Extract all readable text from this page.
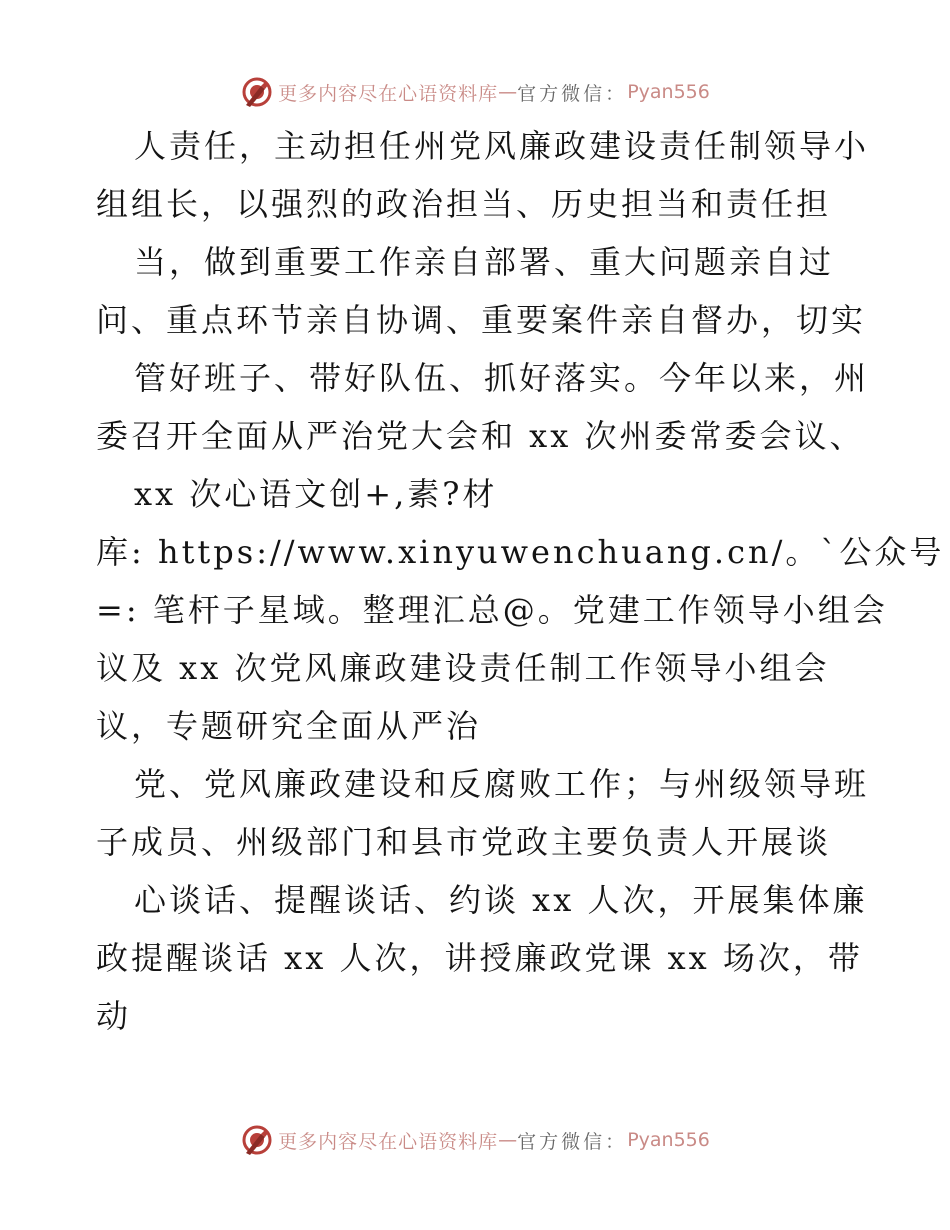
更多内容尽在心语资料库 — 官方微信： Pyan556
人责任，主动担任州党风廉政建设责任制领导小
组组长，以强烈的政治担当、历史担当和责任担
当，做到重要工作亲自部署、重大问题亲自过
问、重点环节亲自协调、重要案件亲自督办，切实
管好班子、带好队伍、抓好落实。今年以来，州
委召开全面从严治党大会和 xx 次州委常委会议、
xx 次心语文创+,素?材
库: https://www.xinyuwenchuang.cn/。`公众号
=: 笔杆子星域。整理汇总@。党建工作领导小组会
议及 xx 次党风廉政建设责任制工作领导小组会
议，专题研究全面从严治
党、党风廉政建设和反腐败工作；与州级领导班
子成员、州级部门和县市党政主要负责人开展谈
心谈话、提醒谈话、约谈 xx 人次，开展集体廉
政提醒谈话 xx 人次，讲授廉政党课 xx 场次，带
动
更多内容尽在心语资料库 — 官方微信： Pyan556
